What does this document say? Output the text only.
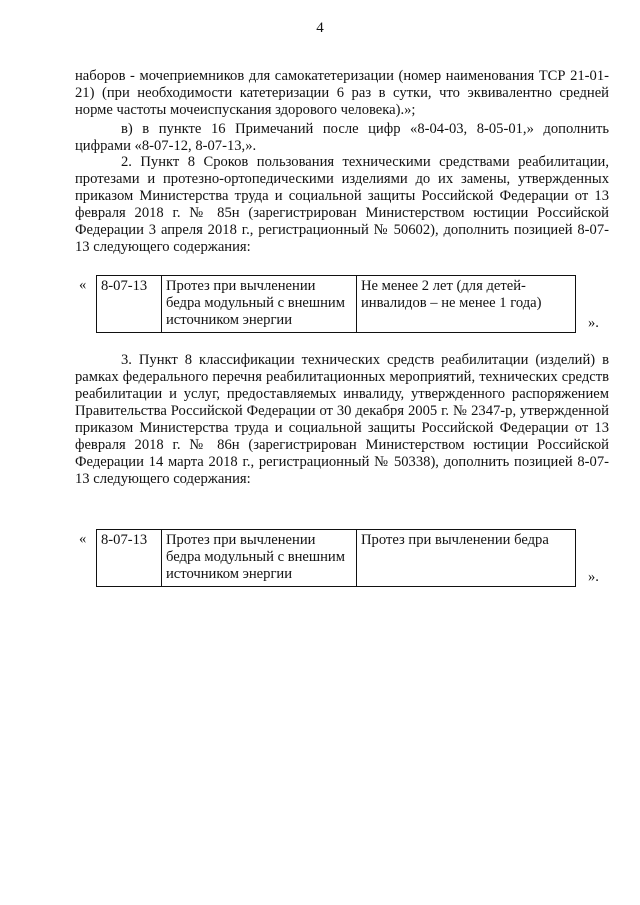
4
наборов - мочеприемников для самокатетеризации (номер наименования ТСР 21-01-21) (при необходимости катетеризации 6 раз в сутки, что эквивалентно средней норме частоты мочеиспускания здорового человека).»;
в) в пункте 16 Примечаний после цифр «8-04-03, 8-05-01,» дополнить цифрами «8-07-12, 8-07-13,».
2. Пункт 8 Сроков пользования техническими средствами реабилитации, протезами и протезно-ортопедическими изделиями до их замены, утвержденных приказом Министерства труда и социальной защиты Российской Федерации от 13 февраля 2018 г. № 85н (зарегистрирован Министерством юстиции Российской Федерации 3 апреля 2018 г., регистрационный № 50602), дополнить позицией 8-07-13 следующего содержания:
« 8-07-13	Протез при вычленении бедра модульный с внешним источником энергии	Не менее 2 лет (для детей-инвалидов – не менее 1 года)
».
3. Пункт 8 классификации технических средств реабилитации (изделий) в рамках федерального перечня реабилитационных мероприятий, технических средств реабилитации и услуг, предоставляемых инвалиду, утвержденного распоряжением Правительства Российской Федерации от 30 декабря 2005 г. № 2347-р, утвержденной приказом Министерства труда и социальной защиты Российской Федерации от 13 февраля 2018 г. № 86н (зарегистрирован Министерством юстиции Российской Федерации 14 марта 2018 г., регистрационный № 50338), дополнить позицией 8-07-13 следующего содержания:
« 8-07-13	Протез при вычленении бедра модульный с внешним источником энергии	Протез при вычленении бедра
».
